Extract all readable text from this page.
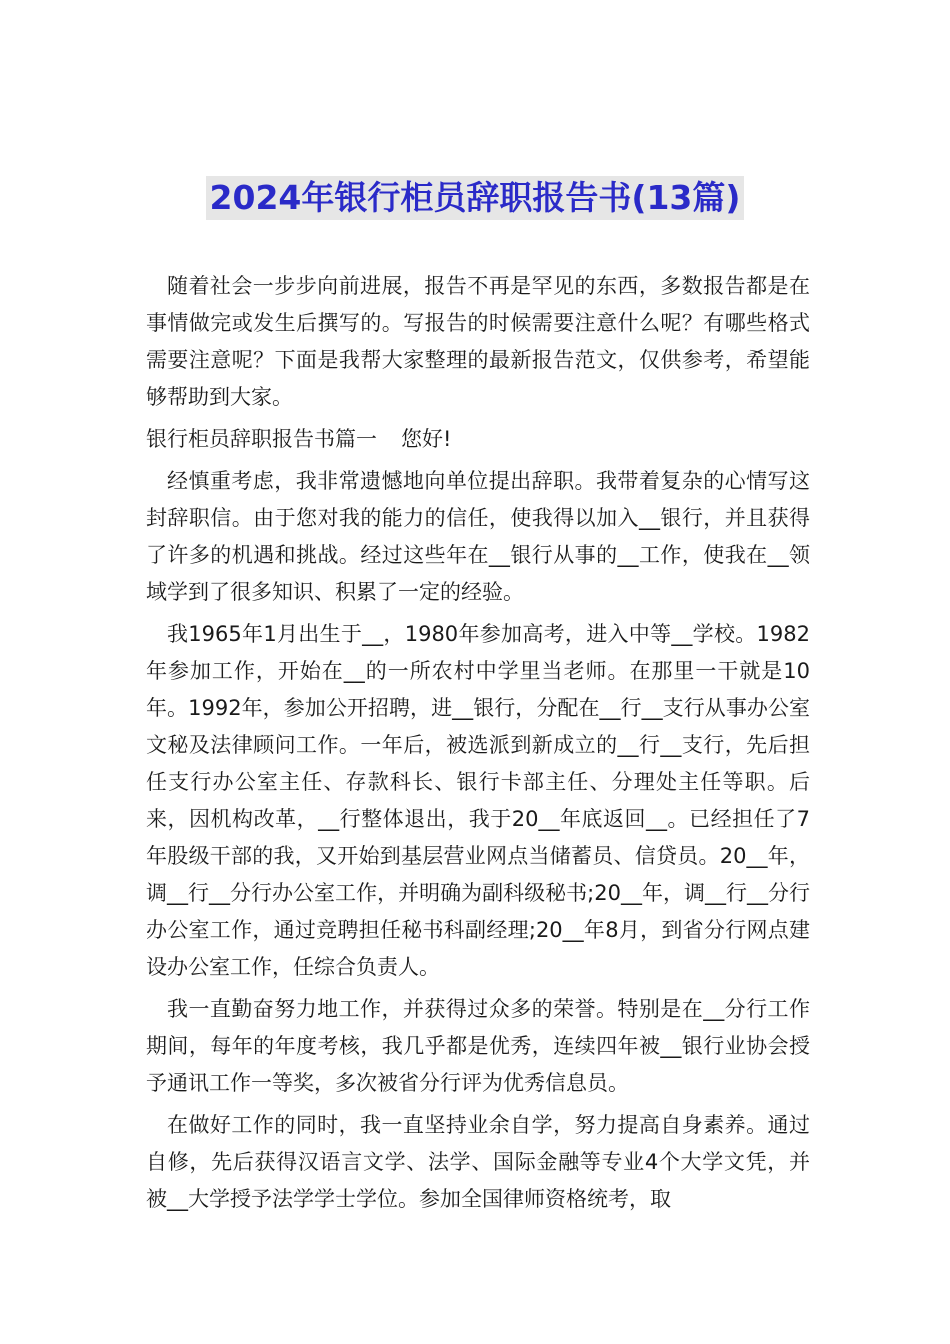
2024年银行柜员辞职报告书(13篇)

随着社会一步步向前进展，报告不再是罕见的东西，多数报告都是在事情做完或发生后撰写的。写报告的时候需要注意什么呢？有哪些格式需要注意呢？下面是我帮大家整理的最新报告范文，仅供参考，希望能够帮助到大家。

银行柜员辞职报告书篇一 您好!

经慎重考虑，我非常遗憾地向单位提出辞职。我带着复杂的心情写这封辞职信。由于您对我的能力的信任，使我得以加入__银行，并且获得了许多的机遇和挑战。经过这些年在__银行从事的__工作，使我在__领域学到了很多知识、积累了一定的经验。

我1965年1月出生于__，1980年参加高考，进入中等__学校。1982年参加工作，开始在__的一所农村中学里当老师。在那里一干就是10年。1992年，参加公开招聘，进__银行，分配在__行__支行从事办公室文秘及法律顾问工作。一年后，被选派到新成立的__行__支行，先后担任支行办公室主任、存款科长、银行卡部主任、分理处主任等职。后来，因机构改革，__行整体退出，我于20__年底返回__。已经担任了7年股级干部的我，又开始到基层营业网点当储蓄员、信贷员。20__年，调__行__分行办公室工作，并明确为副科级秘书;20__年，调__行__分行办公室工作，通过竞聘担任秘书科副经理;20__年8月，到省分行网点建设办公室工作，任综合负责人。

我一直勤奋努力地工作，并获得过众多的荣誉。特别是在__分行工作期间，每年的年度考核，我几乎都是优秀，连续四年被__银行业协会授予通讯工作一等奖，多次被省分行评为优秀信息员。

在做好工作的同时，我一直坚持业余自学，努力提高自身素养。通过自修，先后获得汉语言文学、法学、国际金融等专业4个大学文凭，并被__大学授予法学学士学位。参加全国律师资格统考，取
